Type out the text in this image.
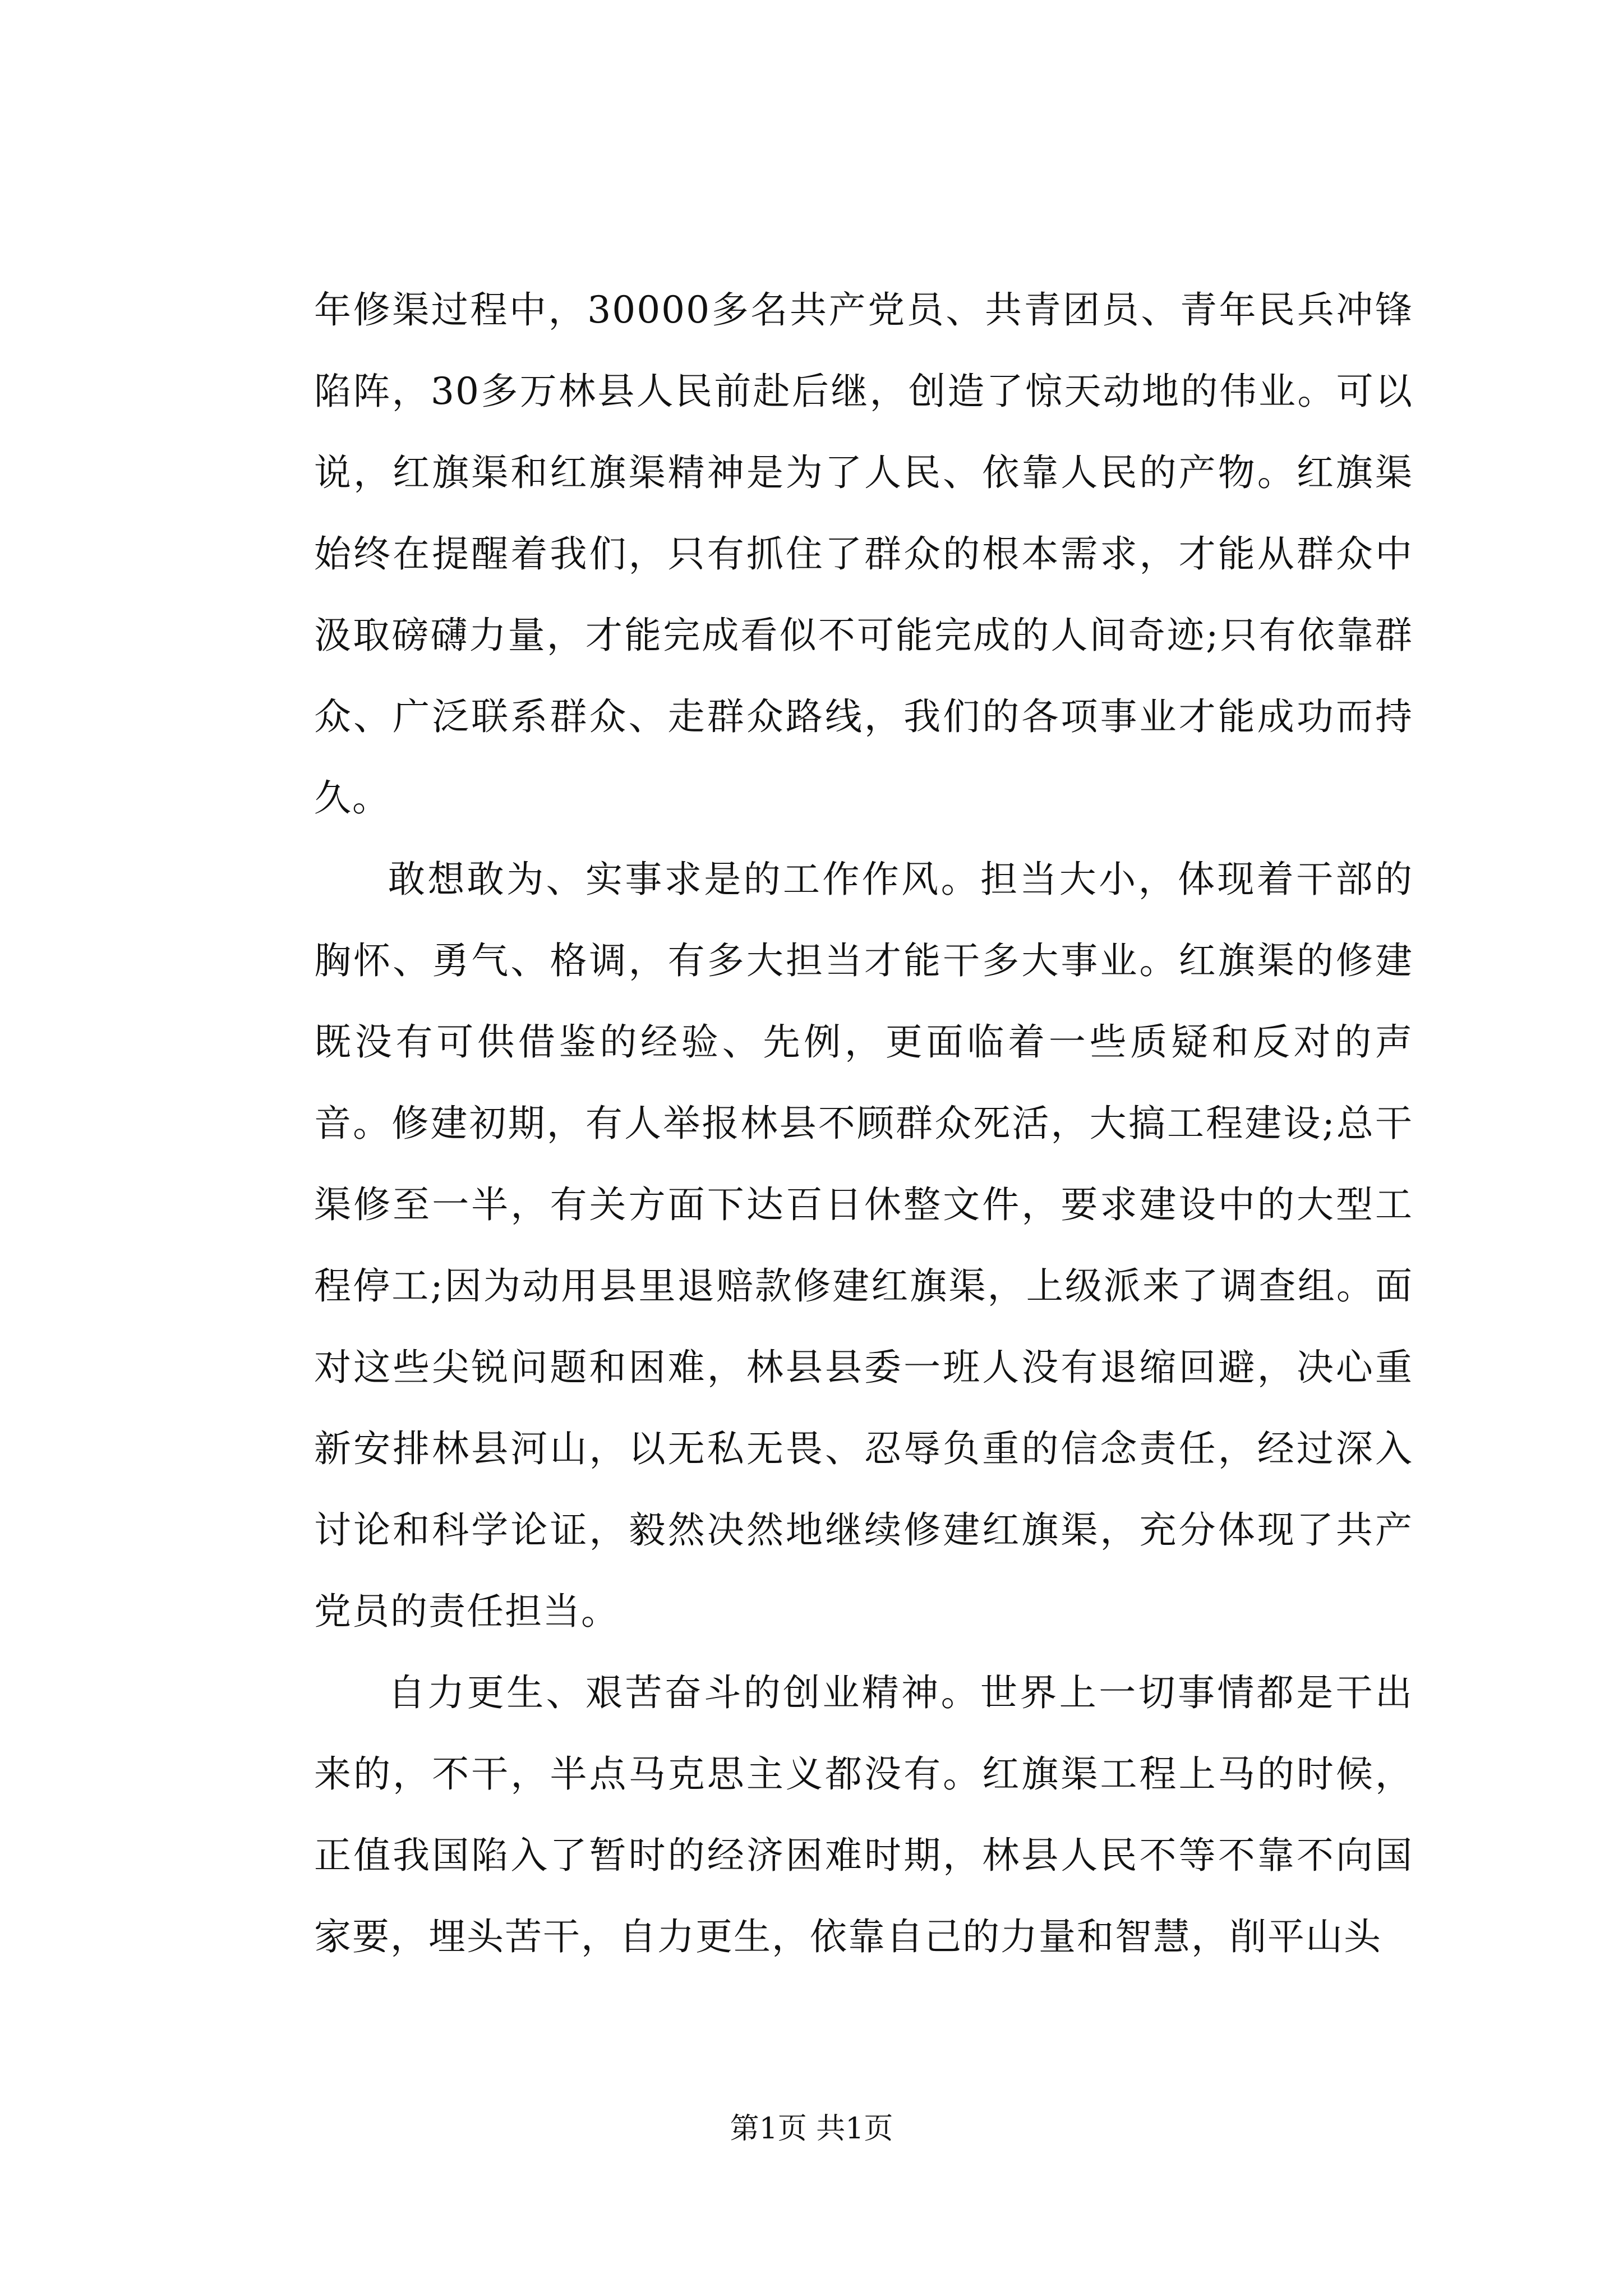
年修渠过程中，30000多名共产党员、共青团员、青年民兵冲锋陷阵，30多万林县人民前赴后继，创造了惊天动地的伟业。可以说，红旗渠和红旗渠精神是为了人民、依靠人民的产物。红旗渠始终在提醒着我们，只有抓住了群众的根本需求，才能从群众中汲取磅礴力量，才能完成看似不可能完成的人间奇迹;只有依靠群众、广泛联系群众、走群众路线，我们的各项事业才能成功而持久。

敢想敢为、实事求是的工作作风。担当大小，体现着干部的胸怀、勇气、格调，有多大担当才能干多大事业。红旗渠的修建既没有可供借鉴的经验、先例，更面临着一些质疑和反对的声音。修建初期，有人举报林县不顾群众死活，大搞工程建设;总干渠修至一半，有关方面下达百日休整文件，要求建设中的大型工程停工;因为动用县里退赔款修建红旗渠，上级派来了调查组。面对这些尖锐问题和困难，林县县委一班人没有退缩回避，决心重新安排林县河山，以无私无畏、忍辱负重的信念责任，经过深入讨论和科学论证，毅然决然地继续修建红旗渠，充分体现了共产党员的责任担当。

自力更生、艰苦奋斗的创业精神。世界上一切事情都是干出来的，不干，半点马克思主义都没有。红旗渠工程上马的时候，正值我国陷入了暂时的经济困难时期，林县人民不等不靠不向国家要，埋头苦干，自力更生，依靠自己的力量和智慧，削平山头

第1页 共1页
